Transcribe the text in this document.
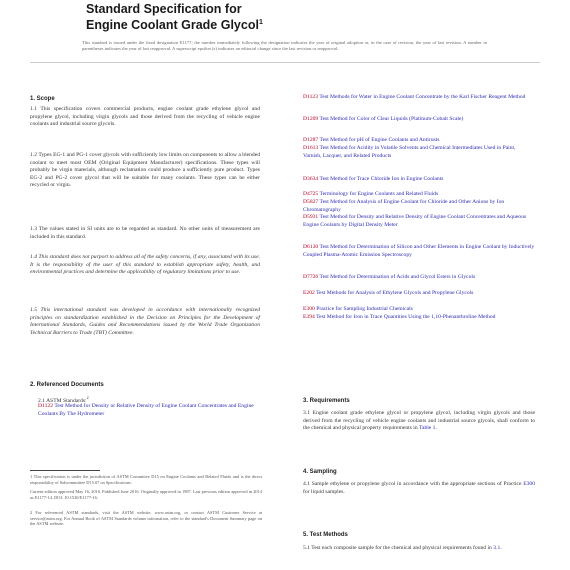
Standard Specification for
Engine Coolant Grade Glycol$^1$
This standard is issued under the fixed designation E1177; the number immediately following the designation indicates the year of original adoption or, in the case of revision, the year of last revision. A number in parentheses indicates the year of last reapproval. A superscript epsilon (ε) indicates an editorial change since the last revision or reapproval.
1. Scope
1.1 This specification covers commercial products, engine coolant grade ethylene glycol and propylene glycol, including virgin glycols and those derived from the recycling of vehicle engine coolants and industrial source glycols.
1.2 Types EG-1 and PG-1 cover glycols with sufficiently low limits on components to allow a blended coolant to meet most OEM (Original Equipment Manufacturer) specifications. These types will probably be virgin materials, although reclamation could produce a sufficiently pure product. Types EG-2 and PG-2 cover glycol that will be suitable for many coolants. These types can be either recycled or virgin.
1.3 The values stated in SI units are to be regarded as standard. No other units of measurement are included in this standard.
1.4 This standard does not purport to address all of the safety concerns, if any, associated with its use. It is the responsibility of the user of this standard to establish appropriate safety, health, and environmental practices and determine the applicability of regulatory limitations prior to use.
1.5 This international standard was developed in accordance with internationally recognized principles on standardization established in the Decision on Principles for the Development of International Standards, Guides and Recommendations issued by the World Trade Organization Technical Barriers to Trade (TBT) Committee.
2. Referenced Documents
2.1 ASTM Standards:$^2$
D1122 Test Method for Density or Relative Density of Engine Coolant Concentrates and Engine Coolants By The Hydrometer
1 This specification is under the jurisdiction of ASTM Committee D15 on Engine Coolants and Related Fluids and is the direct responsibility of Subcommittee D15.07 on Specifications.
Current edition approved May 16, 2016. Published June 2016. Originally approved in 1987. Last previous edition approved in 2014 as E1177-14. DOI: 10.1520/E1177-16.
2 For referenced ASTM standards, visit the ASTM website, www.astm.org, or contact ASTM Customer Service at service@astm.org. For Annual Book of ASTM Standards volume information, refer to the standard's Document Summary page on the ASTM website.
D1123 Test Methods for Water in Engine Coolant Concentrate by the Karl Fischer Reagent Method
D1209 Test Method for Color of Clear Liquids (Platinum-Cobalt Scale)
D1287 Test Method for pH of Engine Coolants and Antirusts
D1613 Test Method for Acidity in Volatile Solvents and Chemical Intermediates Used in Paint, Varnish, Lacquer, and Related Products
D3634 Test Method for Trace Chloride Ion in Engine Coolants
D4725 Terminology for Engine Coolants and Related Fluids
D5827 Test Method for Analysis of Engine Coolant for Chloride and Other Anions by Ion Chromatography
D5931 Test Method for Density and Relative Density of Engine Coolant Concentrates and Aqueous Engine Coolants by Digital Density Meter
D6130 Test Method for Determination of Silicon and Other Elements in Engine Coolant by Inductively Coupled Plasma-Atomic Emission Spectroscopy
D7726 Test Method for Determination of Acids and Glycol Esters in Glycols
E202 Test Methods for Analysis of Ethylene Glycols and Propylene Glycols
E300 Practice for Sampling Industrial Chemicals
E394 Test Method for Iron in Trace Quantities Using the 1,10-Phenanthroline Method
3. Requirements
3.1 Engine coolant grade ethylene glycol or propylene glycol, including virgin glycols and those derived from the recycling of vehicle engine coolants and industrial source glycols, shall conform to the chemical and physical property requirements in Table 1.
4. Sampling
4.1 Sample ethylene or propylene glycol in accordance with the appropriate sections of Practice E300 for liquid samples.
5. Test Methods
5.1 Test each composite sample for the chemical and physical requirements found in 3.1.
